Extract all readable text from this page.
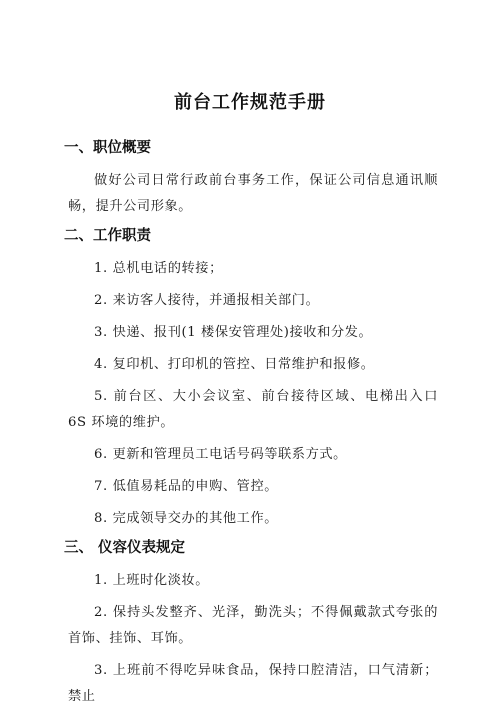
前台工作规范手册
一、职位概要

做好公司日常行政前台事务工作，保证公司信息通讯顺畅，提升公司形象。

二、工作职责

1. 总机电话的转接；

2. 来访客人接待，并通报相关部门。

3. 快递、报刊(1 楼保安管理处)接收和分发。

4. 复印机、打印机的管控、日常维护和报修。

5. 前台区、大小会议室、前台接待区域、电梯出入口 6S 环境的维护。

6. 更新和管理员工电话号码等联系方式。

7. 低值易耗品的申购、管控。

8. 完成领导交办的其他工作。

三、 仪容仪表规定

1. 上班时化淡妆。

2. 保持头发整齐、光泽，勤洗头；不得佩戴款式夸张的首饰、挂饰、耳饰。

3. 上班前不得吃异味食品，保持口腔清洁，口气清新；禁止
